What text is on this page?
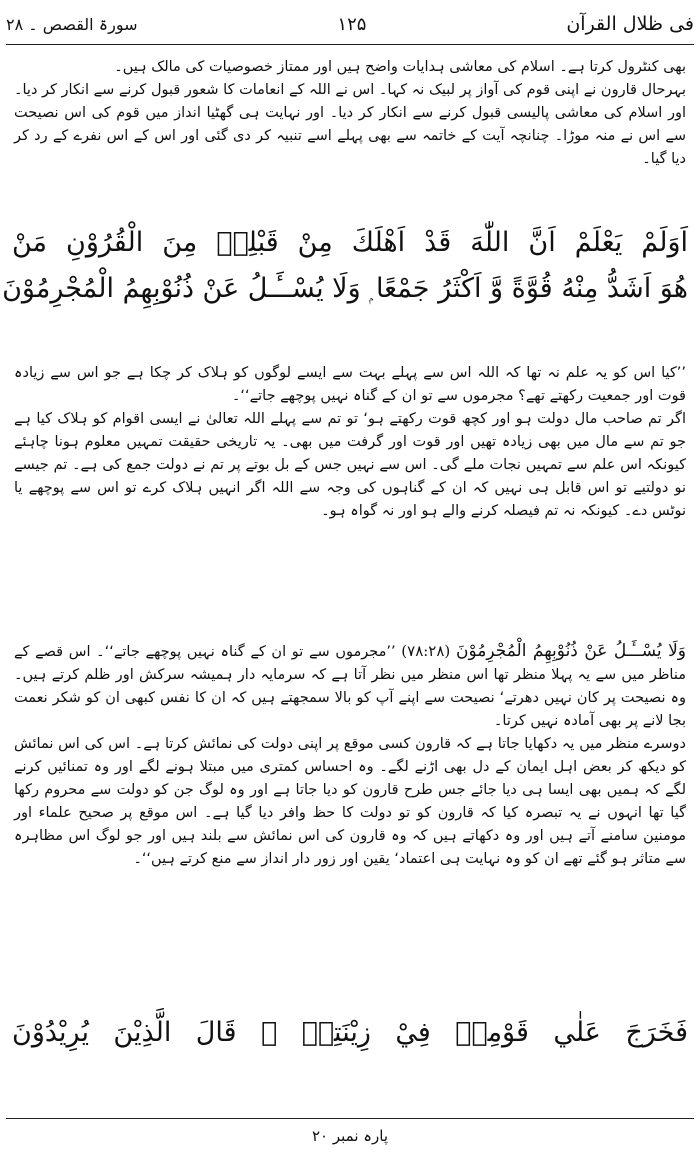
فی ظلال القرآن
۱۲۵
سورۃ القصص ۔ ۲۸

بھی کنٹرول کرتا ہے۔ اسلام کی معاشی ہدایات واضح ہیں اور ممتاز خصوصیات کی مالک ہیں۔

بہرحال قارون نے اپنی قوم کی آواز پر لبیک نہ کہا۔ اس نے اللہ کے انعامات کا شعور قبول کرنے سے انکار کر دیا۔ اور اسلام کی معاشی پالیسی قبول کرنے سے انکار کر دیا۔ اور نہایت ہی گھٹیا انداز میں قوم کی اس نصیحت سے اس نے منہ موڑا۔ چنانچہ آیت کے خاتمہ سے بھی پہلے اسے تنبیہ کر دی گئی اور اس کے اس نفرے کے رد کر دیا گیا۔

اَوَلَمْ يَعْلَمْ اَنَّ اللّٰهَ قَدْ اَهْلَكَ مِنْ قَبْلِهٖ مِنَ الْقُرُوْنِ مَنْ
هُوَ اَشَدُّ مِنْهُ قُوَّةً وَّ اَكْثَرُ جَمْعًا ۭ وَلَا يُسْــَٔـلُ عَنْ ذُنُوْبِهِمُ الْمُجْرِمُوْنَ

’’کیا اس کو یہ علم نہ تھا کہ اللہ اس سے پہلے بہت سے ایسے لوگوں کو ہلاک کر چکا ہے جو اس سے زیادہ قوت اور جمعیت رکھتے تھے؟ مجرموں سے تو ان کے گناہ نہیں پوچھے جاتے‘‘۔

اگر تم صاحب مال دولت ہو اور کچھ قوت رکھتے ہو‘ تو تم سے پہلے اللہ تعالیٰ نے ایسی اقوام کو ہلاک کیا ہے جو تم سے مال میں بھی زیادہ تھیں اور قوت اور گرفت میں بھی۔ یہ تاریخی حقیقت تمہیں معلوم ہونا چاہئے کیونکہ اس علم سے تمہیں نجات ملے گی۔ اس سے نہیں جس کے بل بوتے پر تم نے دولت جمع کی ہے۔ تم جیسے نو دولتیے تو اس قابل ہی نہیں کہ ان کے گناہوں کی وجہ سے اللہ اگر انہیں ہلاک کرے تو اس سے پوچھے یا نوٹس دے۔ کیونکہ نہ تم فیصلہ کرنے والے ہو اور نہ گواہ ہو۔

وَلَا يُسْــَٔـلُ عَنْ ذُنُوْبِهِمُ الْمُجْرِمُوْنَ (۷۸:۲۸) ’’مجرموں سے تو ان کے گناہ نہیں پوچھے جاتے‘‘۔ اس قصے کے مناظر میں سے یہ پہلا منظر تھا اس منظر میں نظر آتا ہے کہ سرمایہ دار ہمیشہ سرکش اور ظلم کرتے ہیں۔ وہ نصیحت پر کان نہیں دھرتے‘ نصیحت سے اپنے آپ کو بالا سمجھتے ہیں کہ ان کا نفس کبھی ان کو شکر نعمت بجا لانے پر بھی آمادہ نہیں کرتا۔

دوسرے منظر میں یہ دکھایا جاتا ہے کہ قارون کسی موقع پر اپنی دولت کی نمائش کرتا ہے۔ اس کی اس نمائش کو دیکھ کر بعض اہل ایمان کے دل بھی اڑنے لگے۔ وہ احساس کمتری میں مبتلا ہونے لگے اور وہ تمنائیں کرنے لگے کہ ہمیں بھی ایسا ہی دیا جائے جس طرح قارون کو دیا جاتا ہے اور وہ لوگ جن کو دولت سے محروم رکھا گیا تھا انہوں نے یہ تبصرہ کیا کہ قارون کو تو دولت کا حظ وافر دیا گیا ہے۔ اس موقع پر صحیح علماء اور مومنین سامنے آتے ہیں اور وہ دکھاتے ہیں کہ وہ قارون کی اس نمائش سے بلند ہیں اور جو لوگ اس مظاہرہ سے متاثر ہو گئے تھے ان کو وہ نہایت ہی اعتماد‘ یقین اور زور دار انداز سے منع کرتے ہیں‘‘۔

فَخَرَجَ عَلٰي قَوْمِهٖ فِيْ زِيْنَتِهٖ ۭ قَالَ الَّذِيْنَ يُرِيْدُوْنَ
پارہ نمبر ۲۰
